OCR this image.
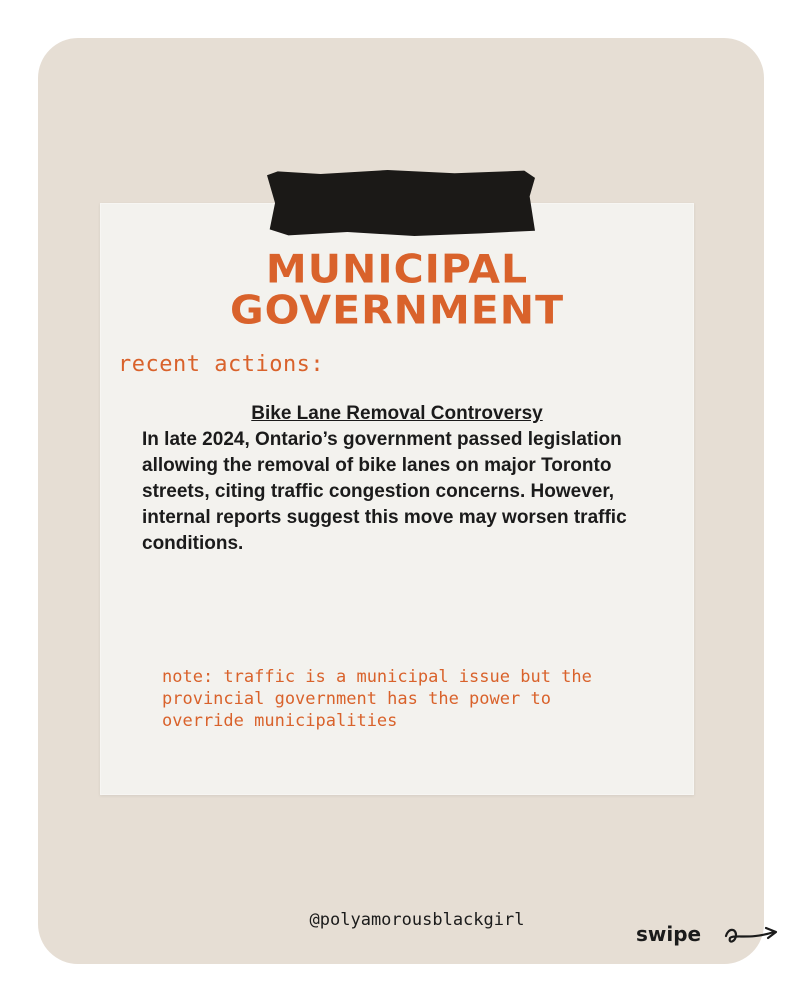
MUNICIPAL
GOVERNMENT
recent actions:
Bike Lane Removal Controversy
In late 2024, Ontario’s government passed legislation allowing the removal of bike lanes on major Toronto streets, citing traffic congestion concerns. However, internal reports suggest this move may worsen traffic conditions.
note: traffic is a municipal issue but the provincial government has the power to override municipalities
@polyamorousblackgirl
swipe
